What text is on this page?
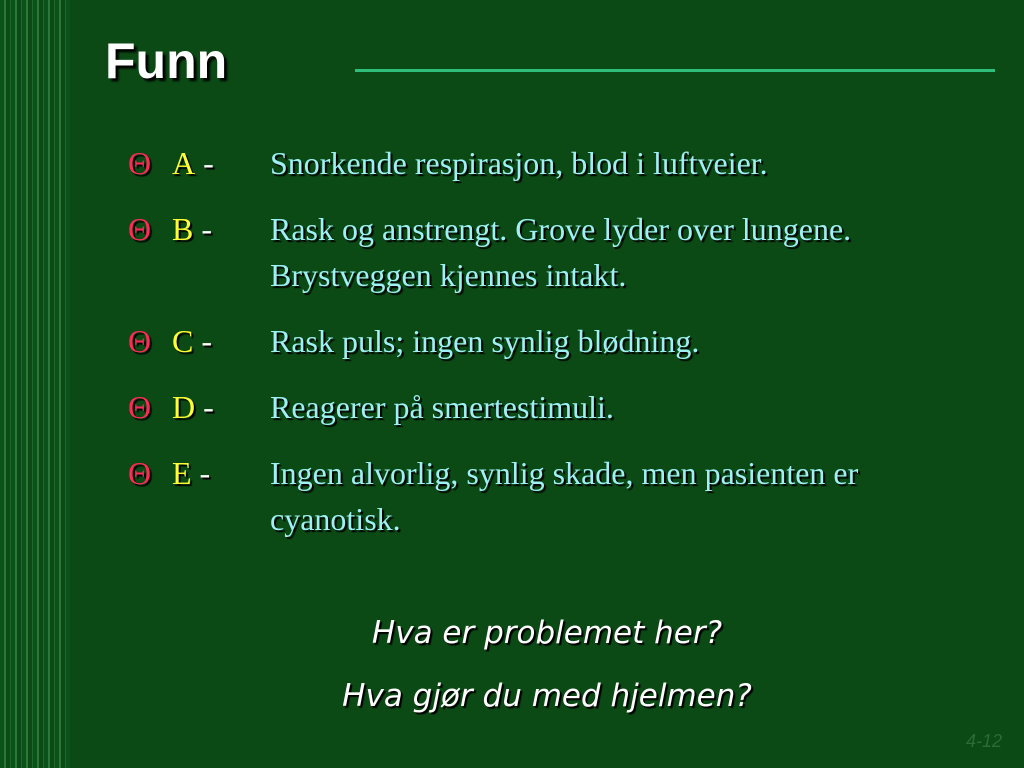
Funn
Θ A -	Snorkende respirasjon, blod i luftveier.
Θ B -	Rask og anstrengt. Grove lyder over lungene. Brystveggen kjennes intakt.
Θ C -	Rask puls; ingen synlig blødning.
Θ D -	Reagerer på smertestimuli.
Θ E -	Ingen alvorlig, synlig skade, men pasienten er cyanotisk.
Hva er problemet her?
Hva gjør du med hjelmen?
4-12
